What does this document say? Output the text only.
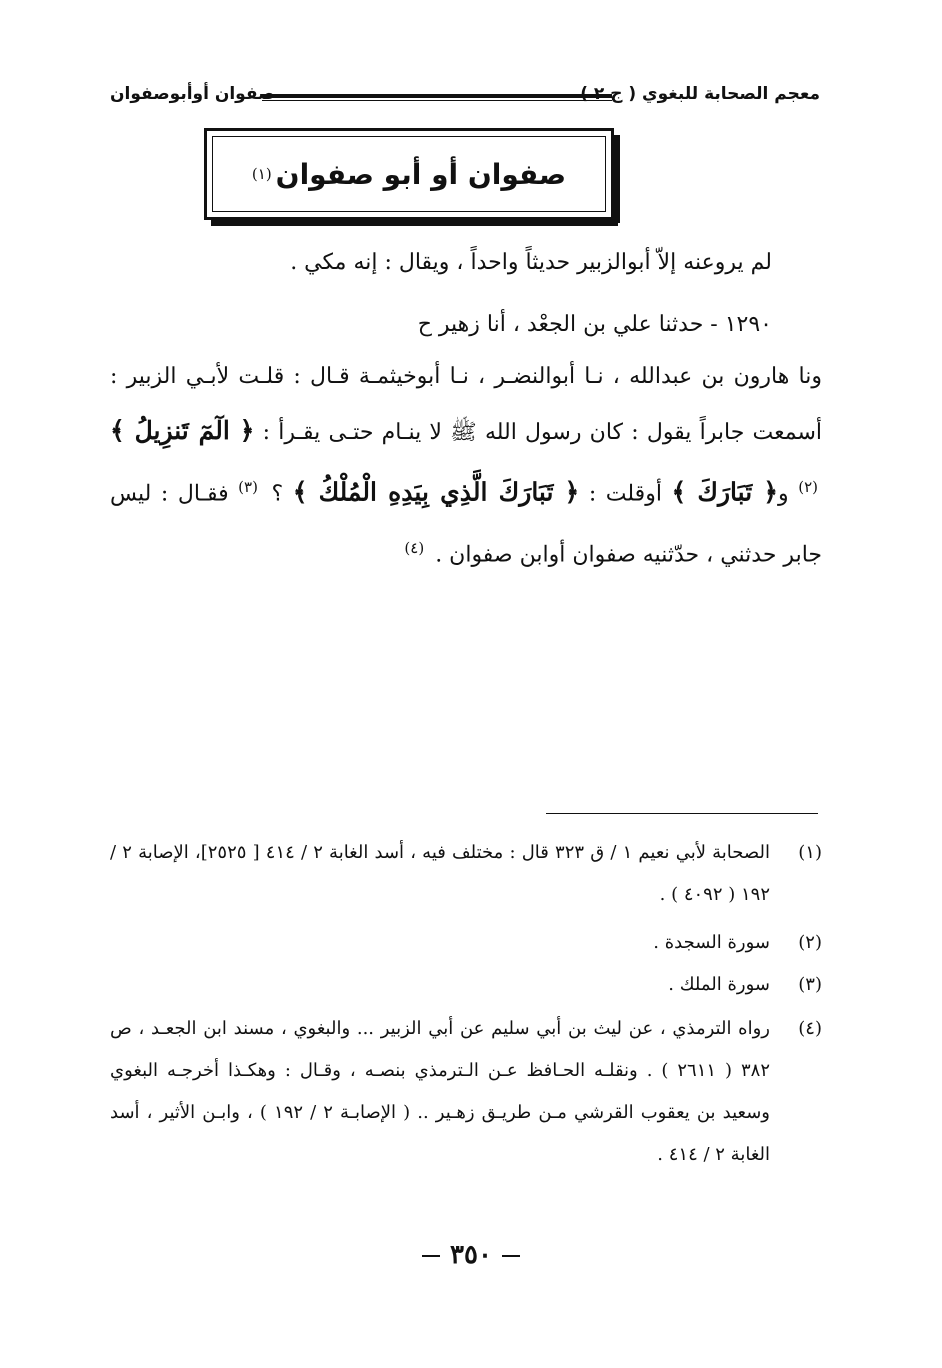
معجم الصحابة للبغوي ( ج ٢ )
صفوان أوأبوصفوان
صفوان أو أبو صفوان
(١)
لم يروعنه إلاّ أبوالزبير حديثاً واحداً ، ويقال : إنه مكي .
١٢٩٠ - حدثنا علي بن الجعْد ، أنا زهير ح
ونا هارون بن عبدالله ، نـا أبوالنضـر ، نـا أبوخيثمـة قـال : قلـت لأبـي الزبير : أسمعت جابراً يقول : كان رسول الله ﷺ لا ينـام حتـى يقـرأ : ﴿ الٓمٓ تَنزِيلُ ﴾ $^{(٢)}$ و﴿ تَبَارَكَ ﴾ أوقلت : ﴿ تَبَارَكَ الَّذِي بِيَدِهِ الْمُلْكُ ﴾ ؟ $^{(٣)}$ فقـال : ليس جابر حدثني ، حدّثنيه صفوان أوابن صفوان . $^{(٤)}$
(١)
الصحابة لأبي نعيم ١ / ق ٣٢٣ قال : مختلف فيه ، أسد الغابة ٢ / ٤١٤ [ ٢٥٢٥]، الإصابة ٢ / ١٩٢ ( ٤٠٩٢ ) .
(٢)
سورة السجدة .
(٣)
سورة الملك .
(٤)
رواه الترمذي ، عن ليث بن أبي سليم عن أبي الزبير ... والبغوي ، مسند ابن الجعـد ، ص ٣٨٢ ( ٢٦١١ ) . ونقلـه الحـافظ عـن الـترمذي بنصـه ، وقـال : وهكـذا أخرجـه البغوي وسعيد بن يعقوب القرشي مـن طريـق زهـير .. ( الإصابـة ٢ / ١٩٢ ) ، وابـن الأثير ، أسد الغابة ٢ / ٤١٤ .
٣٥٠
